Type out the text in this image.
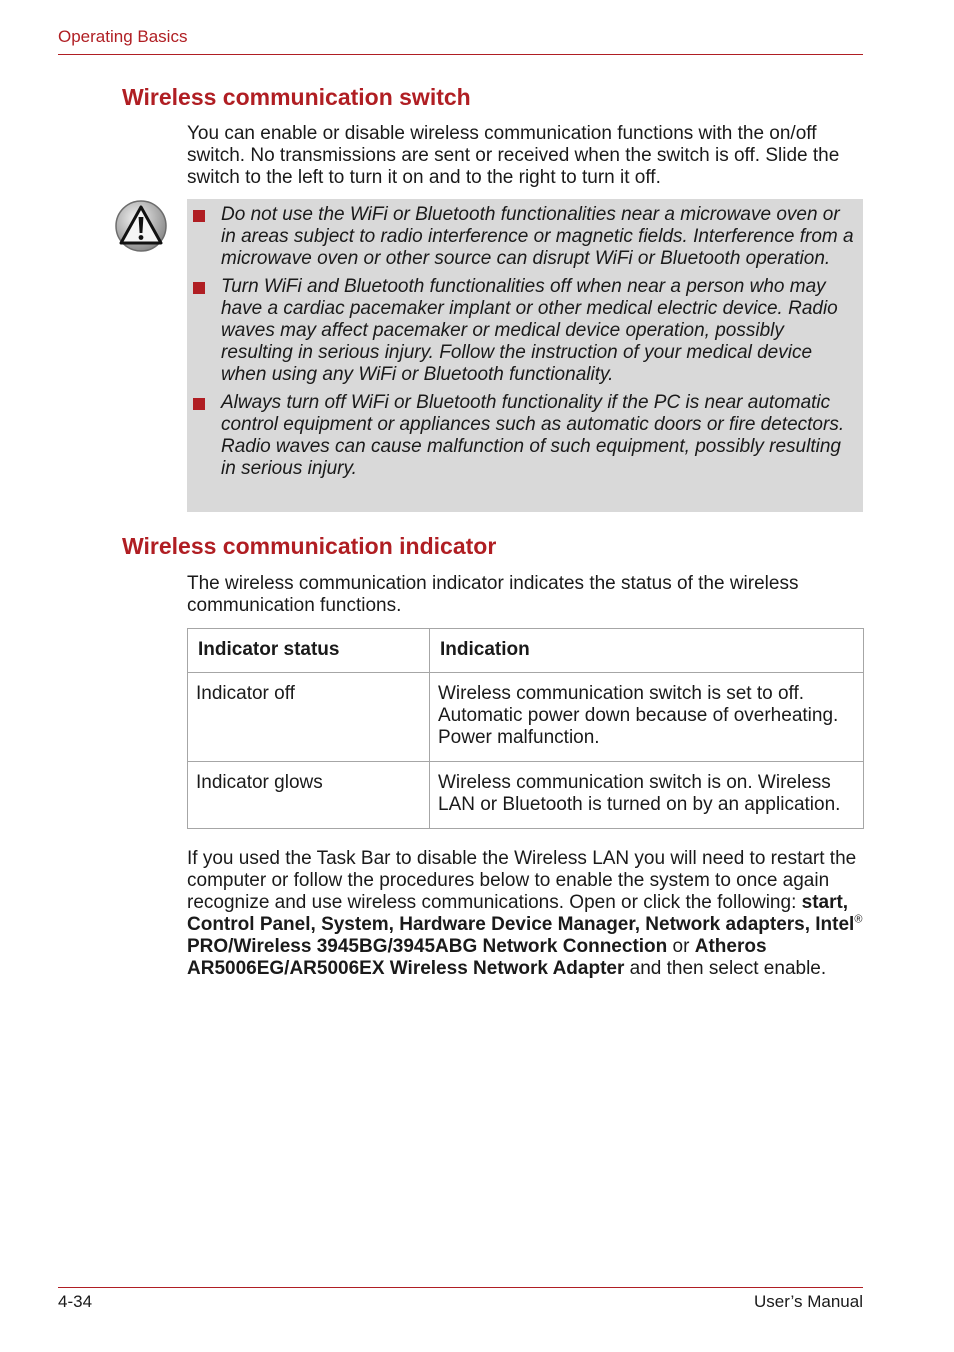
Operating Basics
Wireless communication switch

You can enable or disable wireless communication functions with the on/off switch. No transmissions are sent or received when the switch is off. Slide the switch to the left to turn it on and to the right to turn it off.

Do not use the WiFi or Bluetooth functionalities near a microwave oven or in areas subject to radio interference or magnetic fields. Interference from a microwave oven or other source can disrupt WiFi or Bluetooth operation.
Turn WiFi and Bluetooth functionalities off when near a person who may have a cardiac pacemaker implant or other medical electric device. Radio waves may affect pacemaker or medical device operation, possibly resulting in serious injury. Follow the instruction of your medical device when using any WiFi or Bluetooth functionality.
Always turn off WiFi or Bluetooth functionality if the PC is near automatic control equipment or appliances such as automatic doors or fire detectors. Radio waves can cause malfunction of such equipment, possibly resulting in serious injury.
Wireless communication indicator

The wireless communication indicator indicates the status of the wireless communication functions.

Indicator status	Indication
Indicator off	Wireless communication switch is set to off.
Automatic power down because of overheating.
Power malfunction.

Indicator glows	Wireless communication switch is on. Wireless LAN or Bluetooth is turned on by an application.

If you used the Task Bar to disable the Wireless LAN you will need to restart the computer or follow the procedures below to enable the system to once again recognize and use wireless communications. Open or click the following: start, Control Panel, System, Hardware Device Manager, Network adapters, Intel® PRO/Wireless 3945BG/3945ABG Network Connection or Atheros AR5006EG/AR5006EX Wireless Network Adapter and then select enable.

4-34	User’s Manual
